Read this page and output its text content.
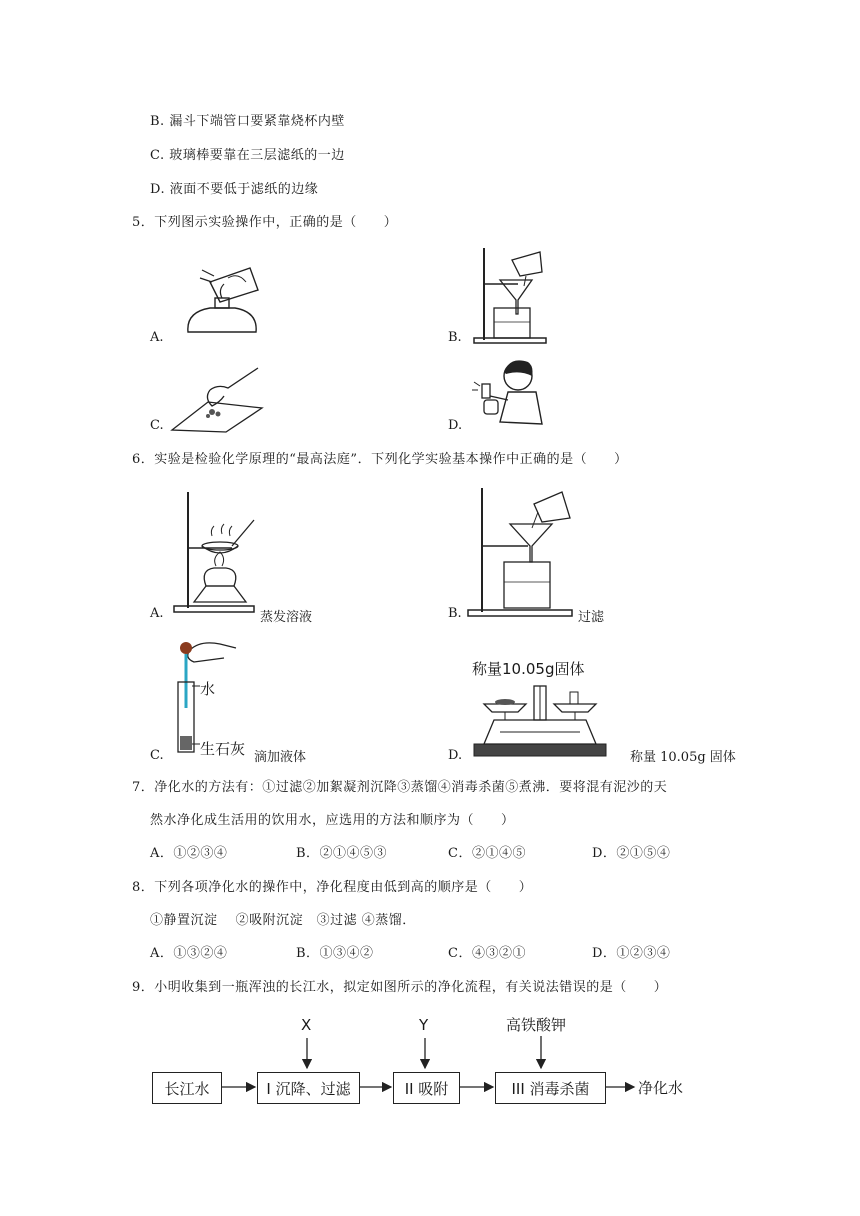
B. 漏斗下端管口要紧靠烧杯内壁
C. 玻璃棒要靠在三层滤纸的一边
D. 液面不要低于滤纸的边缘
5．下列图示实验操作中，正确的是（　　）
A.	B.
C.	D.
6．实验是检验化学原理的“最高法庭”．下列化学实验基本操作中正确的是（　　）
A.	蒸发溶液	B.	过滤
C.
水
生石灰 滴加液体	D.
称量10.05g固体
称量 10.05g 固体
7．净化水的方法有：①过滤②加絮凝剂沉降③蒸馏④消毒杀菌⑤煮沸．要将混有泥沙的天
然水净化成生活用的饮用水，应选用的方法和顺序为（　　）
A．①②③④	B．②①④⑤③	C．②①④⑤	D．②①⑤④
8．下列各项净化水的操作中，净化程度由低到高的顺序是（　　）
①静置沉淀　 ②吸附沉淀　③过滤 ④蒸馏．
A．①③②④	B．①③④②	C．④③②①	D．①②③④
9．小明收集到一瓶浑浊的长江水，拟定如图所示的净化流程，有关说法错误的是（　　）
X	Y	高铁酸钾
长江水	I 沉降、过滤	II 吸附	III 消毒杀菌	净化水
